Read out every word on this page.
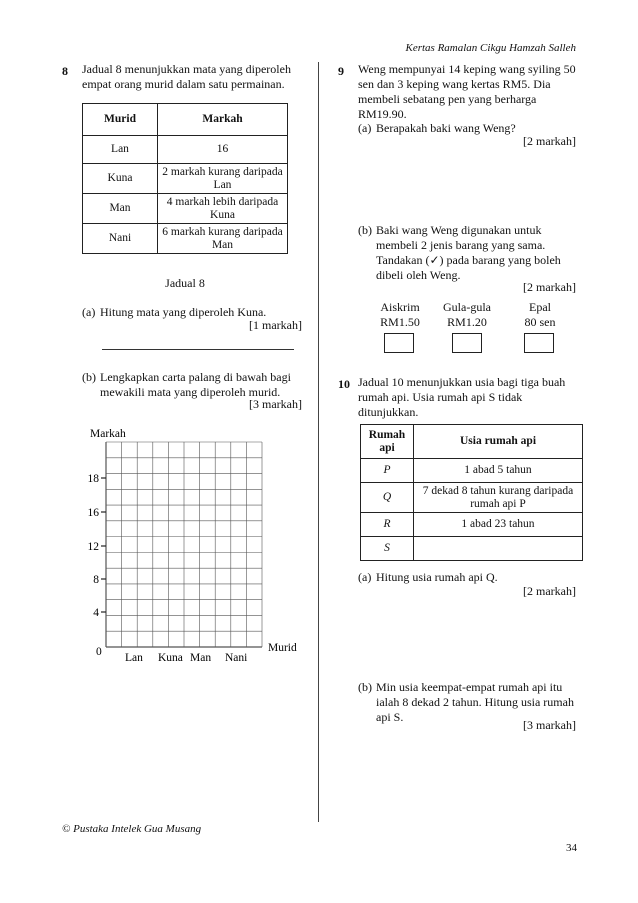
Kertas Ramalan Cikgu Hamzah Salleh
8 Jadual 8 menunjukkan mata yang diperoleh
empat orang murid dalam satu permainan.
Murid	Markah
Lan	16

Kuna	2 markah kurang daripada
Lan

Man	4 markah lebih daripada
Kuna

Nani	6 markah kurang daripada
Man
Jadual 8
(a) Hitung mata yang diperoleh Kuna.
[1 markah]
(b) Lengkapkan carta palang di bawah bagi
mewakili mata yang diperoleh murid.
[3 markah]
Markah
4
8
12
16
18
0 Lan Kuna Man Nani
Murid
9 Weng mempunyai 14 keping wang syiling 50
sen dan 3 keping wang kertas RM5. Dia
membeli sebatang pen yang berharga
RM19.90.
(a) Berapakah baki wang Weng?
[2 markah]
(b) Baki wang Weng digunakan untuk
membeli 2 jenis barang yang sama.
Tandakan (✓) pada barang yang boleh
dibeli oleh Weng.
[2 markah]
Aiskrim
RM1.50
Gula-gula
RM1.20
Epal
80 sen
10 Jadual 10 menunjukkan usia bagi tiga buah
rumah api. Usia rumah api S tidak
ditunjukkan.
Rumah
api	Usia rumah api
P	1 abad 5 tahun

Q	7 dekad 8 tahun kurang daripada
rumah api P

R	1 abad 23 tahun

S	
(a) Hitung usia rumah api Q.
[2 markah]
(b) Min usia keempat-empat rumah api itu
ialah 8 dekad 2 tahun. Hitung usia rumah
api S.
[3 markah]
© Pustaka Intelek Gua Musang
34
